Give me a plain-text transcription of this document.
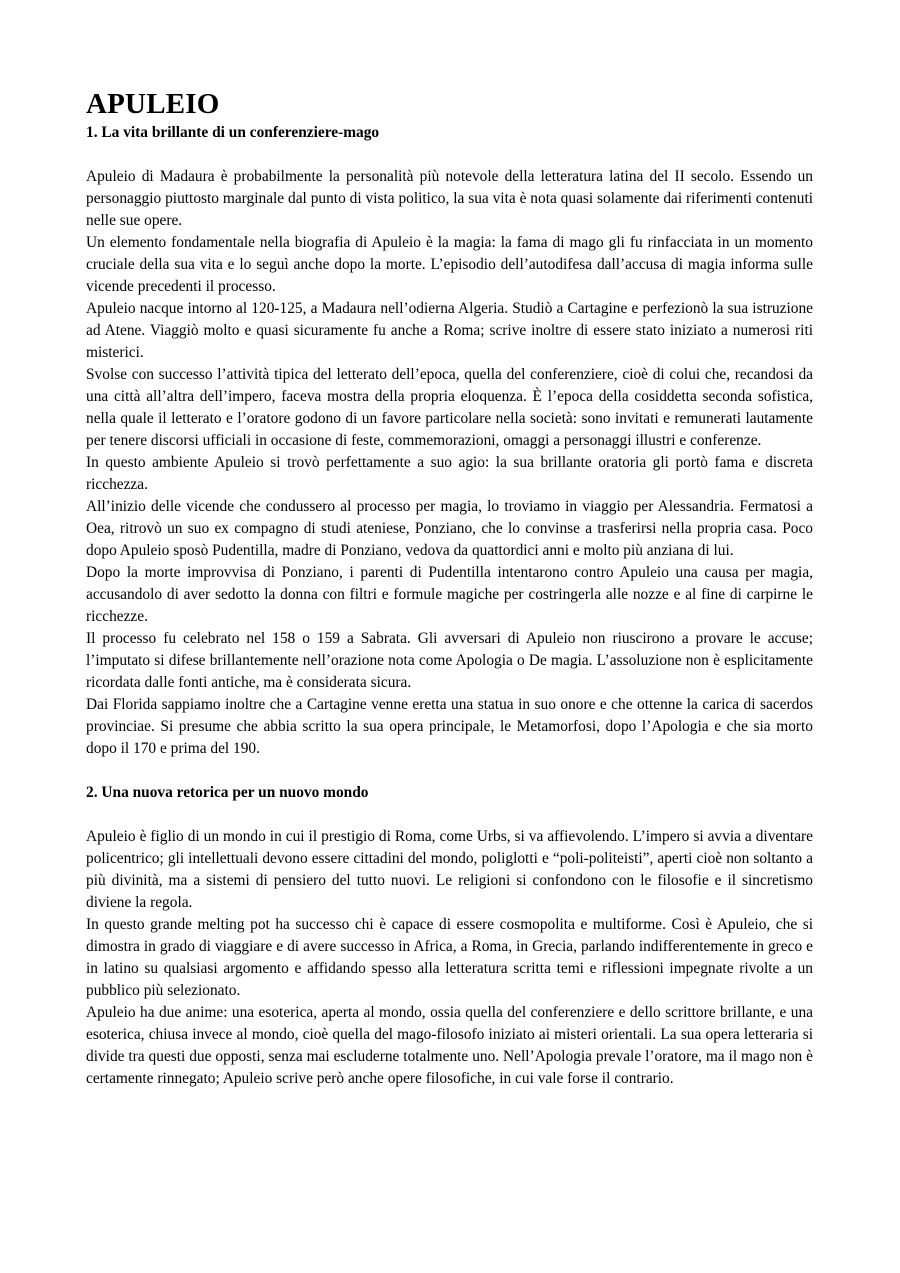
APULEIO
1. La vita brillante di un conferenziere-mago

Apuleio di Madaura è probabilmente la personalità più notevole della letteratura latina del II secolo. Essendo un personaggio piuttosto marginale dal punto di vista politico, la sua vita è nota quasi solamente dai riferimenti contenuti nelle sue opere.

Un elemento fondamentale nella biografia di Apuleio è la magia: la fama di mago gli fu rinfacciata in un momento cruciale della sua vita e lo seguì anche dopo la morte. L’episodio dell’autodifesa dall’accusa di magia informa sulle vicende precedenti il processo.

Apuleio nacque intorno al 120-125, a Madaura nell’odierna Algeria. Studiò a Cartagine e perfezionò la sua istruzione ad Atene. Viaggiò molto e quasi sicuramente fu anche a Roma; scrive inoltre di essere stato iniziato a numerosi riti misterici.

Svolse con successo l’attività tipica del letterato dell’epoca, quella del conferenziere, cioè di colui che, recandosi da una città all’altra dell’impero, faceva mostra della propria eloquenza. È l’epoca della cosiddetta seconda sofistica, nella quale il letterato e l’oratore godono di un favore particolare nella società: sono invitati e remunerati lautamente per tenere discorsi ufficiali in occasione di feste, commemorazioni, omaggi a personaggi illustri e conferenze.

In questo ambiente Apuleio si trovò perfettamente a suo agio: la sua brillante oratoria gli portò fama e discreta ricchezza.

All’inizio delle vicende che condussero al processo per magia, lo troviamo in viaggio per Alessandria. Fermatosi a Oea, ritrovò un suo ex compagno di studi ateniese, Ponziano, che lo convinse a trasferirsi nella propria casa. Poco dopo Apuleio sposò Pudentilla, madre di Ponziano, vedova da quattordici anni e molto più anziana di lui.

Dopo la morte improvvisa di Ponziano, i parenti di Pudentilla intentarono contro Apuleio una causa per magia, accusandolo di aver sedotto la donna con filtri e formule magiche per costringerla alle nozze e al fine di carpirne le ricchezze.

Il processo fu celebrato nel 158 o 159 a Sabrata. Gli avversari di Apuleio non riuscirono a provare le accuse; l’imputato si difese brillantemente nell’orazione nota come Apologia o De magia. L’assoluzione non è esplicitamente ricordata dalle fonti antiche, ma è considerata sicura.

Dai Florida sappiamo inoltre che a Cartagine venne eretta una statua in suo onore e che ottenne la carica di sacerdos provinciae. Si presume che abbia scritto la sua opera principale, le Metamorfosi, dopo l’Apologia e che sia morto dopo il 170 e prima del 190.

2. Una nuova retorica per un nuovo mondo

Apuleio è figlio di un mondo in cui il prestigio di Roma, come Urbs, si va affievolendo. L’impero si avvia a diventare policentrico; gli intellettuali devono essere cittadini del mondo, poliglotti e “poli-politeisti”, aperti cioè non soltanto a più divinità, ma a sistemi di pensiero del tutto nuovi. Le religioni si confondono con le filosofie e il sincretismo diviene la regola.

In questo grande melting pot ha successo chi è capace di essere cosmopolita e multiforme. Così è Apuleio, che si dimostra in grado di viaggiare e di avere successo in Africa, a Roma, in Grecia, parlando indifferentemente in greco e in latino su qualsiasi argomento e affidando spesso alla letteratura scritta temi e riflessioni impegnate rivolte a un pubblico più selezionato.

Apuleio ha due anime: una esoterica, aperta al mondo, ossia quella del conferenziere e dello scrittore brillante, e una esoterica, chiusa invece al mondo, cioè quella del mago-filosofo iniziato ai misteri orientali. La sua opera letteraria si divide tra questi due opposti, senza mai escluderne totalmente uno. Nell’Apologia prevale l’oratore, ma il mago non è certamente rinnegato; Apuleio scrive però anche opere filosofiche, in cui vale forse il contrario.
